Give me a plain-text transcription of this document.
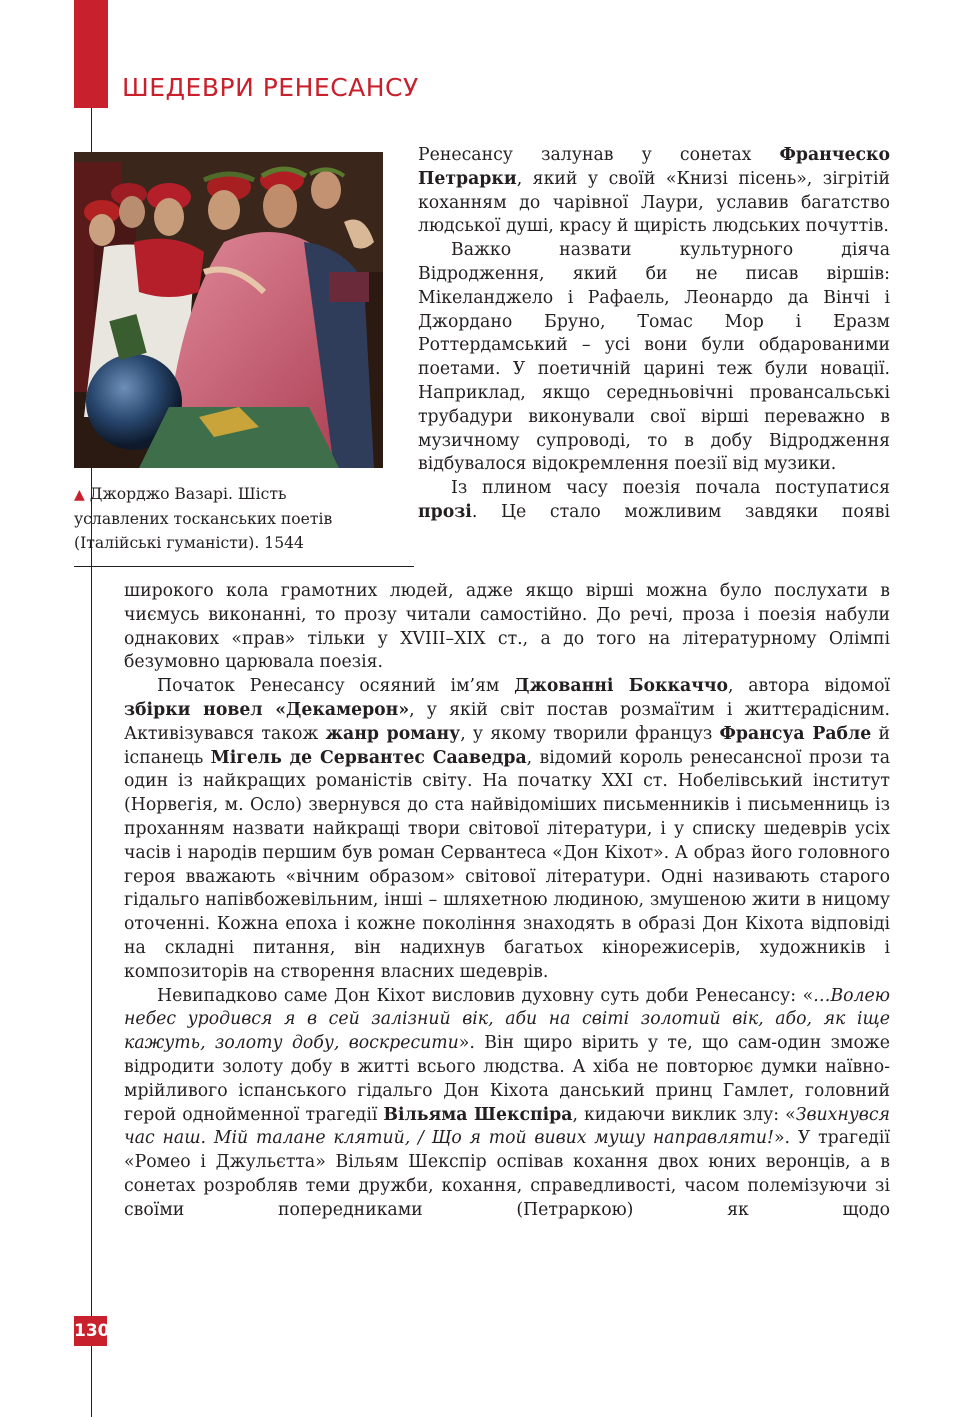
ШЕДЕВРИ РЕНЕСАНСУ
▲ Джорджо Вазарі. Шість уславлених тосканських поетів (Італійські гуманісти). 1544

Ренесансу залунав у сонетах Франческо Петрарки, який у своїй «Книзі пісень», зігрітій коханням до чарівної Лаури, уславив багатство людської душі, красу й щирість людських почуттів.

Важко назвати культурного діяча Відродження, який би не писав віршів: Мікеланджело і Рафаель, Леонардо да Вінчі і Джордано Бруно, Томас Мор і Еразм Роттердамський – усі вони були обдарованими поетами. У поетичній царині теж були новації. Наприклад, якщо середньовічні прованcальські трубадури виконували свої вірші переважно в музичному супроводі, то в добу Відродження відбувалося відокремлення поезії від музики.

Із плином часу поезія почала поступатися прозі. Це стало можливим завдяки появі

широкого кола грамотних людей, адже якщо вірші можна було послухати в чиємусь виконанні, то прозу читали самостійно. До речі, проза і поезія набули однакових «прав» тільки у XVIII–XIX ст., а до того на літературному Олімпі безумовно царювала поезія.

Початок Ренесансу осяяний ім’ям Джованні Боккаччо, автора відомої збірки новел «Декамерон», у якій світ постав розмаїтим і життєрадісним. Активізувався також жанр роману, у якому творили француз Франсуа Рабле й іспанець Мігель де Сервантес Сааведра, відомий король ренесансної прози та один із найкращих романістів світу. На початку XXI ст. Нобелівський інститут (Норвегія, м. Осло) звернувся до ста найвідоміших письменників і письменниць із проханням назвати найкращі твори світової літератури, і у списку шедеврів усіх часів і народів першим був роман Сервантеса «Дон Кіхот». А образ його головного героя вважають «вічним образом» світової літератури. Одні називають старого гідальго напівбожевільним, інші – шляхетною людиною, змушеною жити в ницому оточенні. Кожна епоха і кожне покоління знаходять в образі Дон Кіхота відповіді на складні питання, він надихнув багатьох кінорежисерів, художників і композиторів на створення власних шедеврів.

Невипадково саме Дон Кіхот висловив духовну суть доби Ренесансу: «…Волею небес уродився я в сей залізний вік, аби на світі золотий вік, або, як іще кажуть, золоту добу, воскресити». Він щиро вірить у те, що сам-один зможе відродити золоту добу в житті всього людства. А хіба не повторює думки наївно-мрійливого іспанського гідальго Дон Кіхота данський принц Гамлет, головний герой однойменної трагедії Вільяма Шекспіра, кидаючи виклик злу: «Звихнувся час наш. Мій талане клятий, / Що я той вивих мушу направляти!». У трагедії «Ромео і Джульєтта» Вільям Шекспір оспівав кохання двох юних веронців, а в сонетах розробляв теми дружби, кохання, справедливості, часом полемізуючи зі своїми попередниками (Петраркою) як щодо

130
